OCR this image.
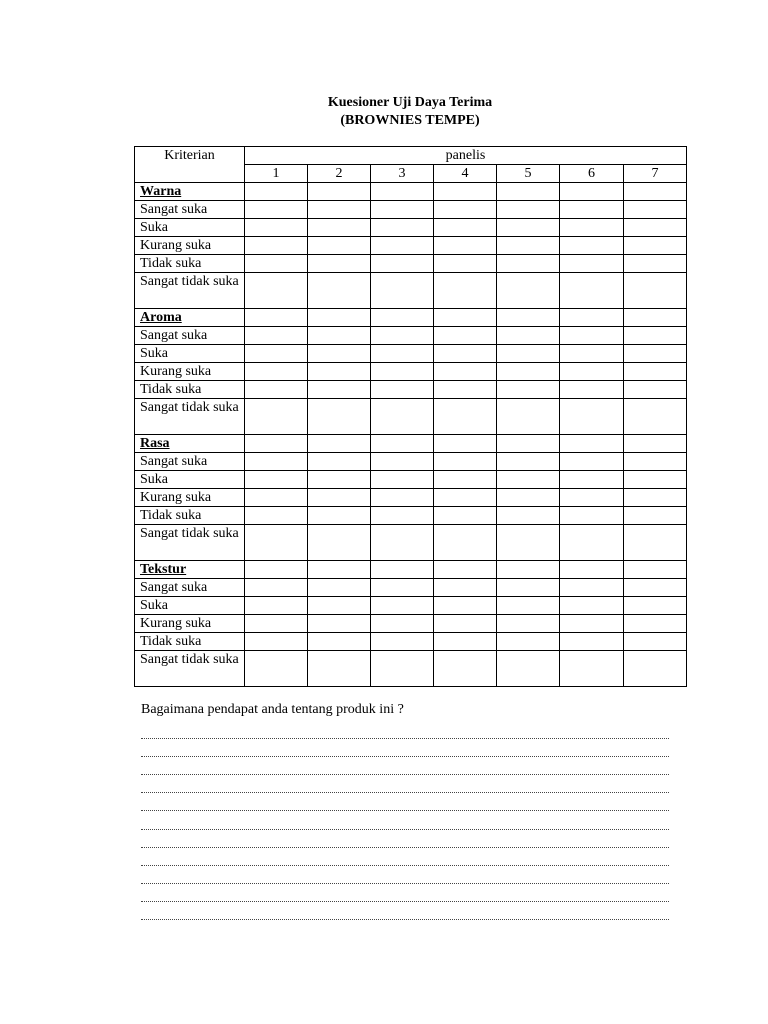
Kuesioner Uji Daya Terima
(BROWNIES TEMPE)
Kriterian	panelis						
	1	2	3	4	5	6	7
Warna							
Sangat suka							
Suka							
Kurang suka							
Tidak suka							
Sangat tidak suka							
Aroma							
Sangat suka							
Suka							
Kurang suka							
Tidak suka							
Sangat tidak suka							
Rasa							
Sangat suka							
Suka							
Kurang suka							
Tidak suka							
Sangat tidak suka							
Tekstur							
Sangat suka							
Suka							
Kurang suka							
Tidak suka							
Sangat tidak suka							
Bagaimana pendapat anda tentang produk ini ?
